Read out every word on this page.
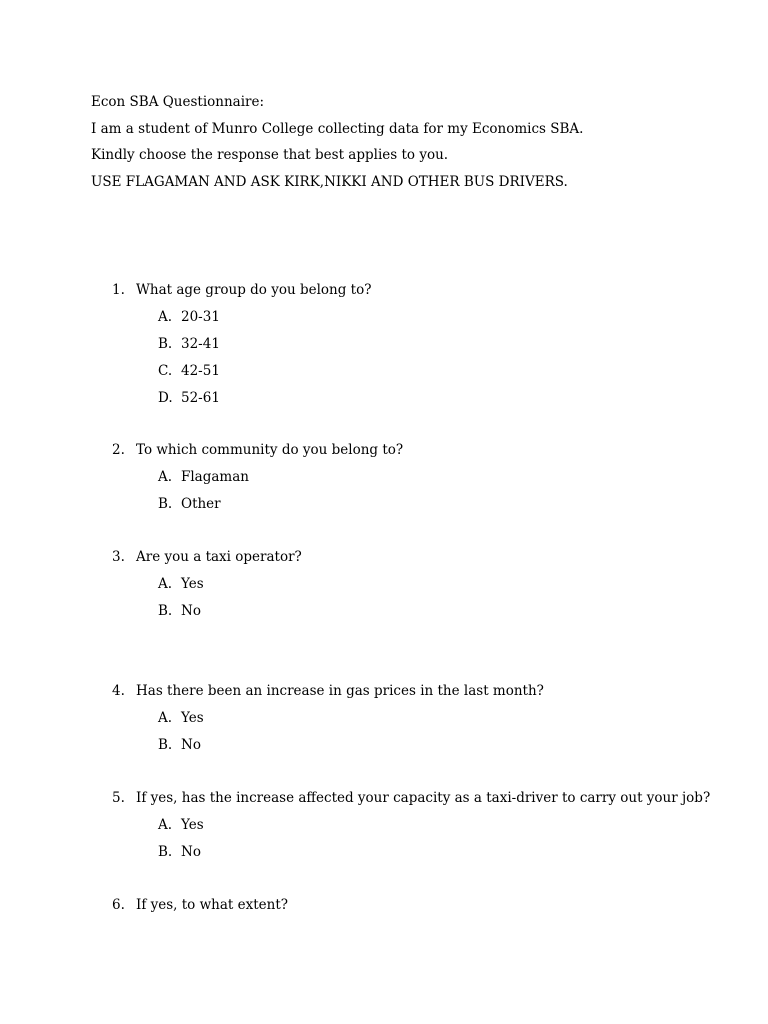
Econ SBA Questionnaire:
I am a student of Munro College collecting data for my Economics SBA.
Kindly choose the response that best applies to you.
USE FLAGAMAN AND ASK KIRK,NIKKI AND OTHER BUS DRIVERS.
1. What age group do you belong to?
A. 20-31
B. 32-41
C. 42-51
D. 52-61
2. To which community do you belong to?
A. Flagaman
B. Other
3. Are you a taxi operator?
A. Yes
B. No
4. Has there been an increase in gas prices in the last month?
A. Yes
B. No
5. If yes, has the increase affected your capacity as a taxi-driver to carry out your job?
A. Yes
B. No
6. If yes, to what extent?
